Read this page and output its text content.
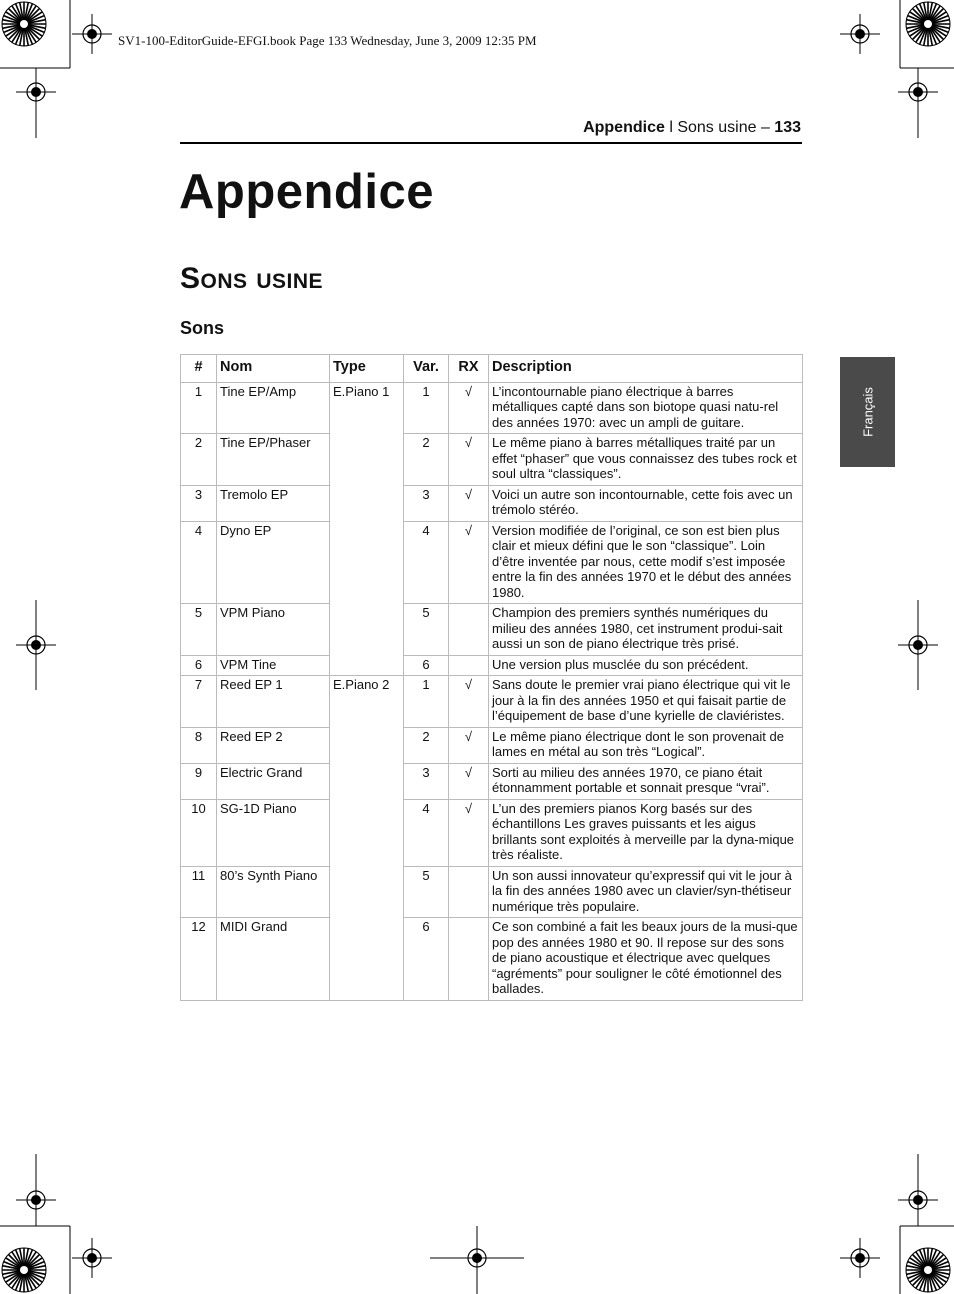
SV1-100-EditorGuide-EFGI.book Page 133 Wednesday, June 3, 2009 12:35 PM
Appendice l Sons usine – 133
Appendice
Sons usine
Sons
Français
#	Nom	Type	Var.	RX	Description
1	Tine EP/Amp	E.Piano 1	1	√	L’incontournable piano électrique à barres métalliques capté dans son biotope quasi natu-rel des années 1970: avec un ampli de guitare.
2	Tine EP/Phaser		2	√	Le même piano à barres métalliques traité par un effet “phaser” que vous connaissez des tubes rock et soul ultra “classiques”.
3	Tremolo EP		3	√	Voici un autre son incontournable, cette fois avec un trémolo stéréo.
4	Dyno EP		4	√	Version modifiée de l’original, ce son est bien plus clair et mieux défini que le son “classique”. Loin d’être inventée par nous, cette modif s’est imposée entre la fin des années 1970 et le début des années 1980.
5	VPM Piano		5		Champion des premiers synthés numériques du milieu des années 1980, cet instrument produi-sait aussi un son de piano électrique très prisé.
6	VPM Tine		6		Une version plus musclée du son précédent.
7	Reed EP 1	E.Piano 2	1	√	Sans doute le premier vrai piano électrique qui vit le jour à la fin des années 1950 et qui faisait partie de l’équipement de base d’une kyrielle de claviéristes.
8	Reed EP 2		2	√	Le même piano électrique dont le son provenait de lames en métal au son très “Logical”.
9	Electric Grand		3	√	Sorti au milieu des années 1970, ce piano était étonnamment portable et sonnait presque “vrai”.
10	SG-1D Piano		4	√	L’un des premiers pianos Korg basés sur des échantillons Les graves puissants et les aigus brillants sont exploités à merveille par la dyna-mique très réaliste.
11	80’s Synth Piano		5		Un son aussi innovateur qu’expressif qui vit le jour à la fin des années 1980 avec un clavier/syn-thétiseur numérique très populaire.
12	MIDI Grand		6		Ce son combiné a fait les beaux jours de la musi-que pop des années 1980 et 90. Il repose sur des sons de piano acoustique et électrique avec quelques “agréments” pour souligner le côté émotionnel des ballades.
